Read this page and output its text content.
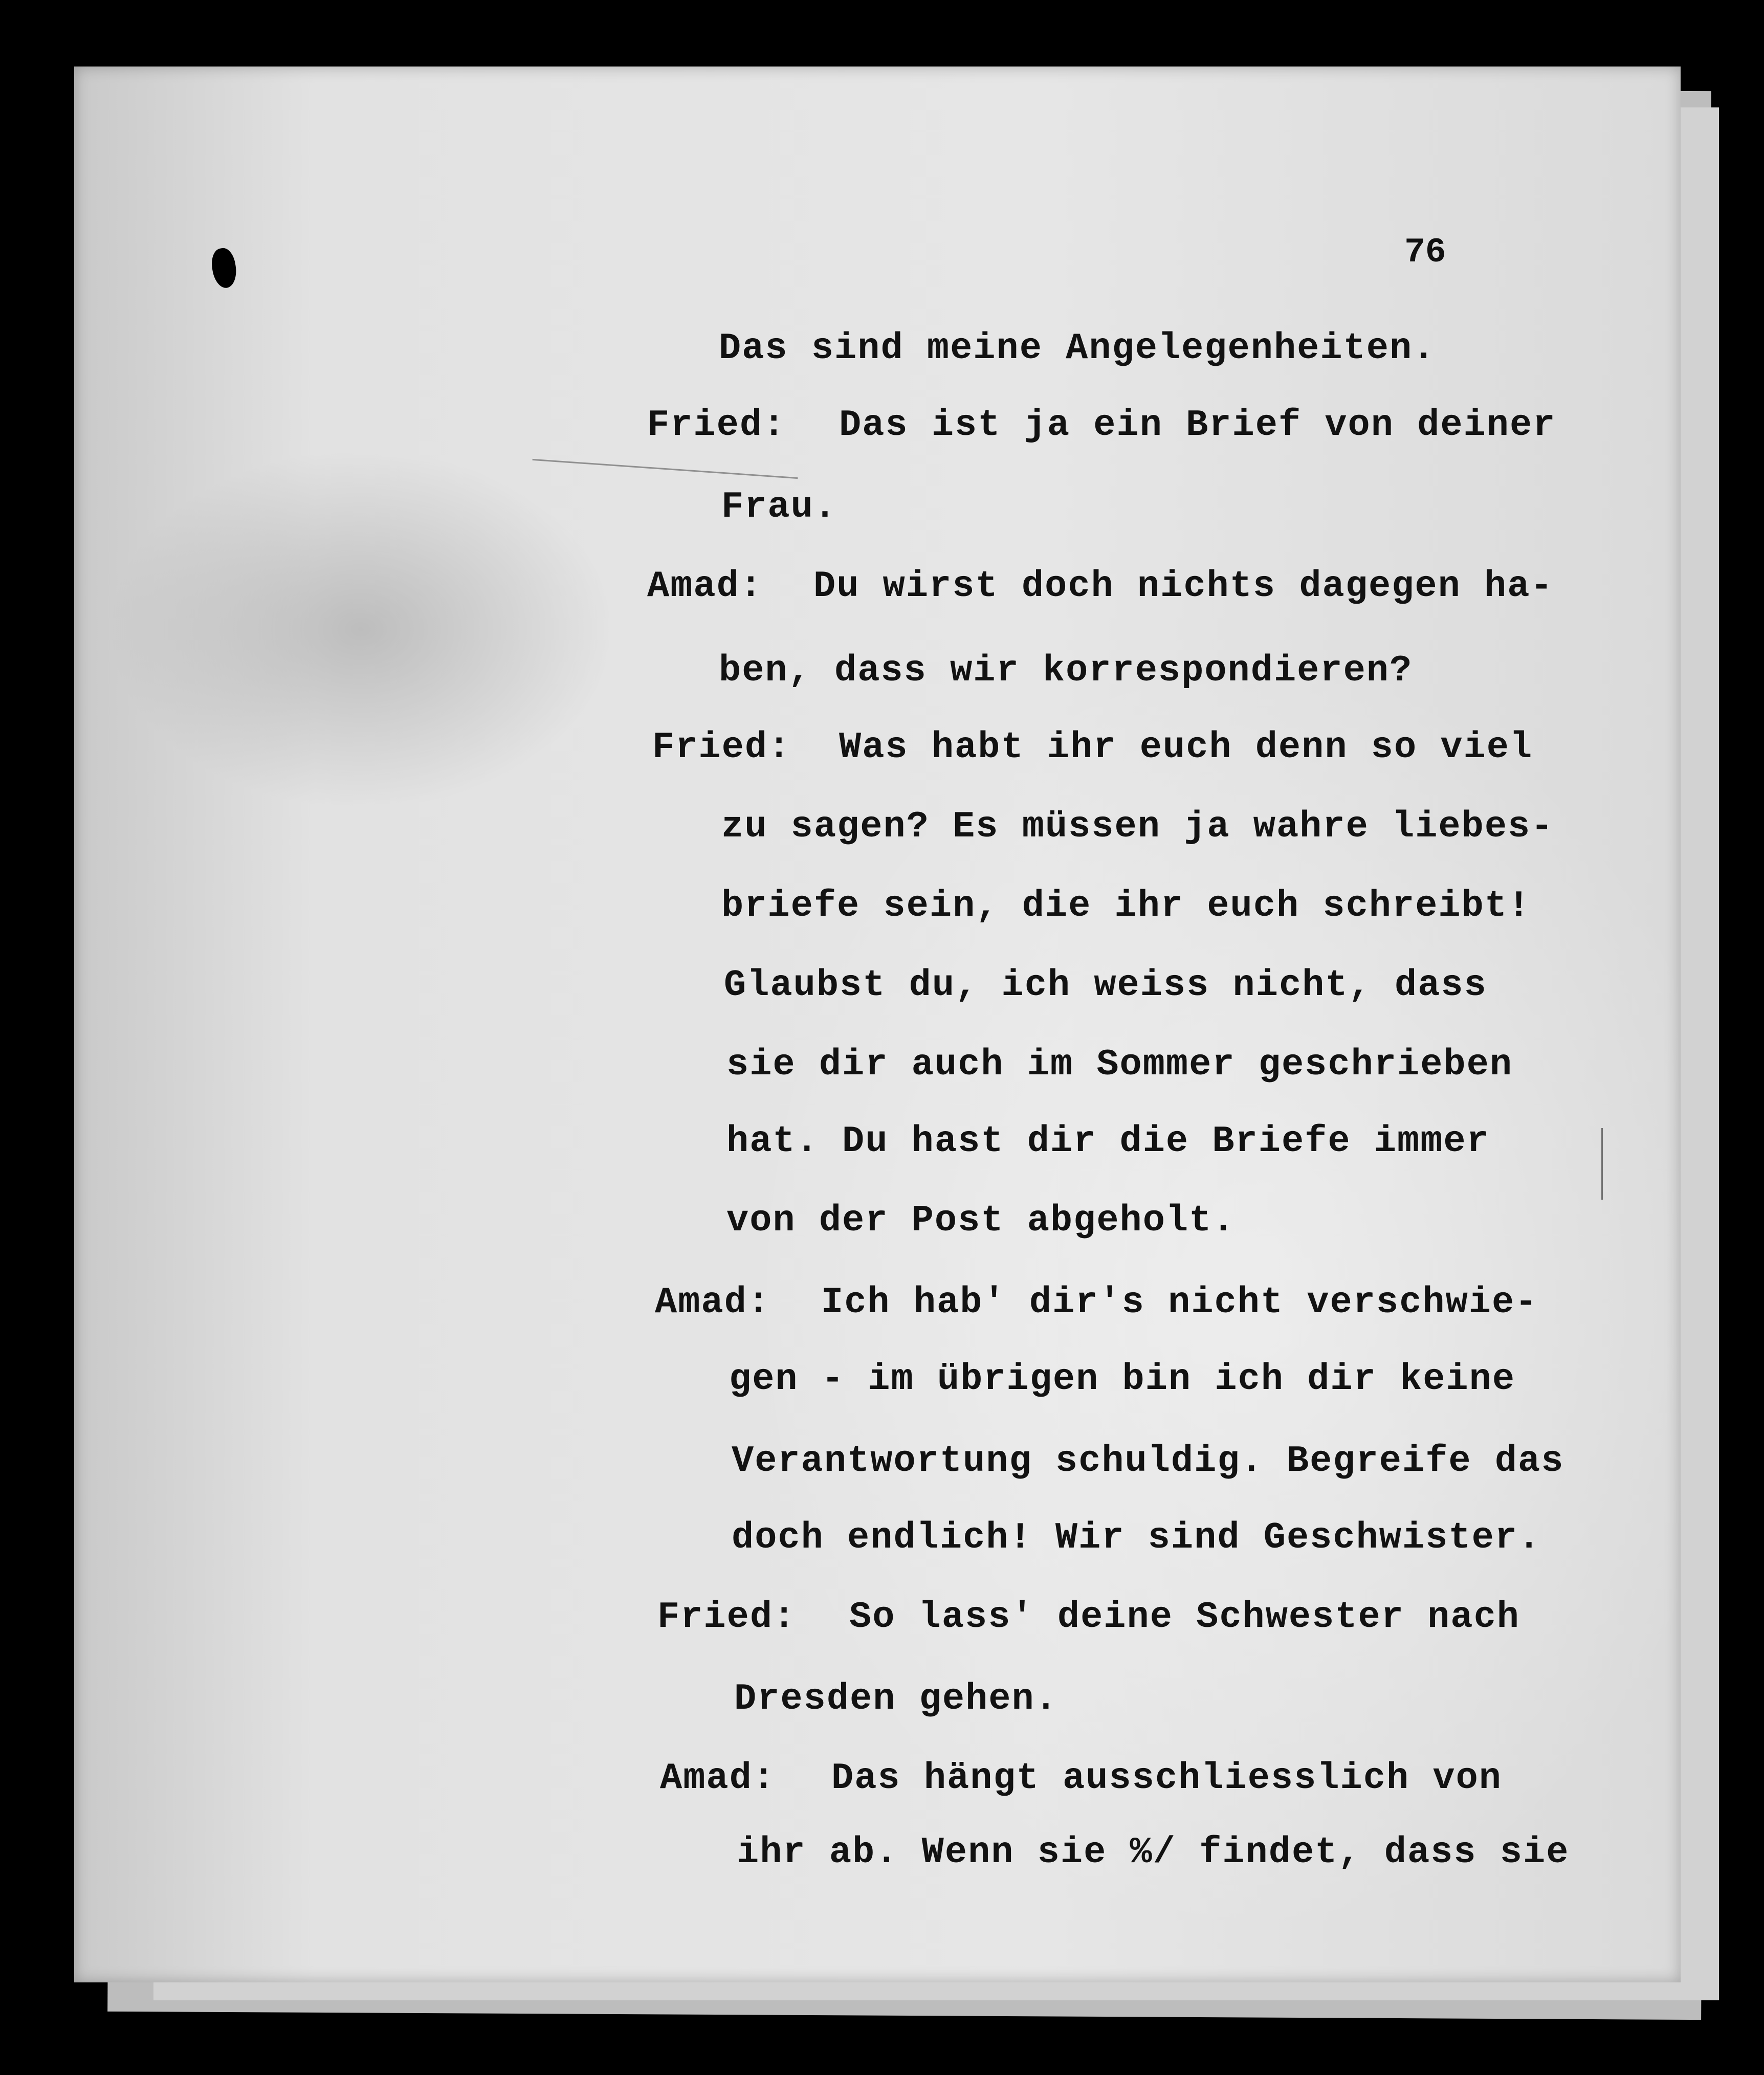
76
Das sind meine Angelegenheiten.
Fried: Das ist ja ein Brief von deiner
Frau.
Amad: Du wirst doch nichts dagegen ha-
ben, dass wir korrespondieren?
Fried: Was habt ihr euch denn so viel
zu sagen? Es müssen ja wahre liebes-
briefe sein, die ihr euch schreibt!
Glaubst du, ich weiss nicht, dass
sie dir auch im Sommer geschrieben
hat. Du hast dir die Briefe immer
von der Post abgeholt.
Amad: Ich hab' dir's nicht verschwie-
gen - im übrigen bin ich dir keine
Verantwortung schuldig. Begreife das
doch endlich! Wir sind Geschwister.
Fried: So lass' deine Schwester nach
Dresden gehen.
Amad: Das hängt ausschliesslich von
ihr ab. Wenn sie %/ findet, dass sie
